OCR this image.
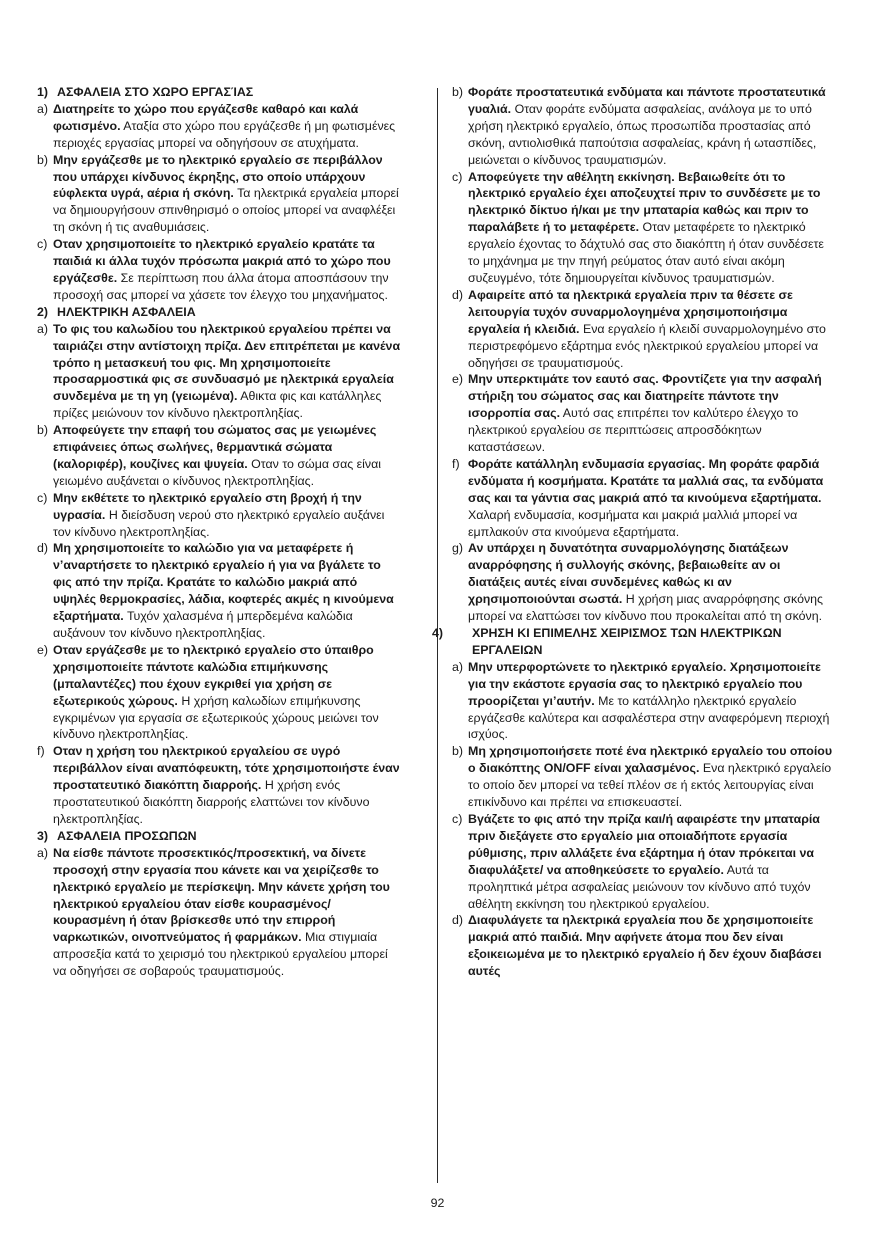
1) ΑΣΦΑΛΕΙΑ ΣΤΟ ΧΩΡΟ ΕΡΓΑΣΊΑΣ
a) Διατηρείτε το χώρο που εργάζεσθε καθαρό και καλά φωτισμένο. Αταξία στο χώρο που εργάζεσθε ή μη φωτισμένες περιοχές εργασίας μπορεί να οδηγήσουν σε ατυχήματα.
b) Μην εργάζεσθε με το ηλεκτρικό εργαλείο σε περιβάλλον που υπάρχει κίνδυνος έκρηξης, στο οποίο υπάρχουν εύφλεκτα υγρά, αέρια ή σκόνη. Τα ηλεκτρικά εργαλεία μπορεί να δημιουργήσουν σπινθηρισμό ο οποίος μπορεί να αναφλέξει τη σκόνη ή τις αναθυμιάσεις.
c) Οταν χρησιμοποιείτε το ηλεκτρικό εργαλείο κρατάτε τα παιδιά κι άλλα τυχόν πρόσωπα μακριά από το χώρο που εργάζεσθε. Σε περίπτωση που άλλα άτομα αποσπάσουν την προσοχή σας μπορεί να χάσετε τον έλεγχο του μηχανήματος.
2) ΗΛΕΚΤΡΙΚΗ ΑΣΦΑΛΕΙΑ
a) Το φις του καλωδίου του ηλεκτρικού εργαλείου πρέπει να ταιριάζει στην αντίστοιχη πρίζα. Δεν επιτρέπεται με κανένα τρόπο η μετασκευή του φις. Μη χρησιμοποιείτε προσαρμοστικά φις σε συνδυασμό με ηλεκτρικά εργαλεία συνδεμένα με τη γη (γειωμένα). Αθικτα φις και κατάλληλες πρίζες μειώνουν τον κίνδυνο ηλεκτροπληξίας.
b) Αποφεύγετε την επαφή του σώματος σας με γειωμένες επιφάνειες όπως σωλήνες, θερμαντικά σώματα (καλοριφέρ), κουζίνες και ψυγεία. Οταν το σώμα σας είναι γειωμένο αυξάνεται ο κίνδυνος ηλεκτροπληξίας.
c) Μην εκθέτετε το ηλεκτρικό εργαλείο στη βροχή ή την υγρασία. Η διείσδυση νερού στο ηλεκτρικό εργαλείο αυξάνει τον κίνδυνο ηλεκτροπληξίας.
d) Μη χρησιμοποιείτε το καλώδιο για να μεταφέρετε ή ν’αναρτήσετε το ηλεκτρικό εργαλείο ή για να βγάλετε το φις από την πρίζα. Κρατάτε το καλώδιο μακριά από υψηλές θερμοκρασίες, λάδια, κοφτερές ακμές η κινούμενα εξαρτήματα. Τυχόν χαλασμένα ή μπερδεμένα καλώδια αυξάνουν τον κίνδυνο ηλεκτροπληξίας.
e) Οταν εργάζεσθε με το ηλεκτρικό εργαλείο στο ύπαιθρο χρησιμοποιείτε πάντοτε καλώδια επιμήκυνσης (μπαλαντέζες) που έχουν εγκριθεί για χρήση σε εξωτερικούς χώρους. Η χρήση καλωδίων επιμήκυνσης εγκριμένων για εργασία σε εξωτερικούς χώρους μειώνει τον κίνδυνο ηλεκτροπληξίας.
f) Οταν η χρήση του ηλεκτρικού εργαλείου σε υγρό περιβάλλον είναι αναπόφευκτη, τότε χρησιμοποιήστε έναν προστατευτικό διακόπτη διαρροής. Η χρήση ενός προστατευτικού διακόπτη διαρροής ελαττώνει τον κίνδυνο ηλεκτροπληξίας.
3) ΑΣΦΑΛΕΙΑ ΠΡΟΣΩΠΩΝ
a) Να είσθε πάντοτε προσεκτικός/προσεκτική, να δίνετε προσοχή στην εργασία που κάνετε και να χειρίζεσθε το ηλεκτρικό εργαλείο με περίσκεψη. Μην κάνετε χρήση του ηλεκτρικού εργαλείου όταν είσθε κουρασμένος/κουρασμένη ή όταν βρίσκεσθε υπό την επιρροή ναρκωτικών, οινοπνεύματος ή φαρμάκων. Μια στιγμιαία απροσεξία κατά το χειρισμό του ηλεκτρικού εργαλείου μπορεί να οδηγήσει σε σοβαρούς τραυματισμούς.
b) Φοράτε προστατευτικά ενδύματα και πάντοτε προστατευτικά γυαλιά. Οταν φοράτε ενδύματα ασφαλείας, ανάλογα με το υπό χρήση ηλεκτρικό εργαλείο, όπως προσωπίδα προστασίας από σκόνη, αντιολισθικά παπούτσια ασφαλείας, κράνη ή ωτασπίδες, μειώνεται ο κίνδυνος τραυματισμών.
c) Αποφεύγετε την αθέλητη εκκίνηση. Βεβαιωθείτε ότι το ηλεκτρικό εργαλείο έχει αποζευχτεί πριν το συνδέσετε με το ηλεκτρικό δίκτυο ή/και με την μπαταρία καθώς και πριν το παραλάβετε ή το μεταφέρετε. Οταν μεταφέρετε το ηλεκτρικό εργαλείο έχοντας το δάχτυλό σας στο διακόπτη ή όταν συνδέσετε το μηχάνημα με την πηγή ρεύματος όταν αυτό είναι ακόμη συζευγμένο, τότε δημιουργείται κίνδυνος τραυματισμών.
d) Αφαιρείτε από τα ηλεκτρικά εργαλεία πριν τα θέσετε σε λειτουργία τυχόν συναρμολογημένα χρησιμοποιήσιμα εργαλεία ή κλειδιά. Ενα εργαλείο ή κλειδί συναρμολογημένο στο περιστρεφόμενο εξάρτημα ενός ηλεκτρικού εργαλείου μπορεί να οδηγήσει σε τραυματισμούς.
e) Μην υπερκτιμάτε τον εαυτό σας. Φροντίζετε για την ασφαλή στήριξη του σώματος σας και διατηρείτε πάντοτε την ισορροπία σας. Αυτό σας επιτρέπει τον καλύτερο έλεγχο το ηλεκτρικού εργαλείου σε περιπτώσεις απροσδόκητων καταστάσεων.
f) Φοράτε κατάλληλη ενδυμασία εργασίας. Μη φοράτε φαρδιά ενδύματα ή κοσμήματα. Κρατάτε τα μαλλιά σας, τα ενδύματα σας και τα γάντια σας μακριά από τα κινούμενα εξαρτήματα. Χαλαρή ενδυμασία, κοσμήματα και μακριά μαλλιά μπορεί να εμπλακούν στα κινούμενα εξαρτήματα.
g) Αν υπάρχει η δυνατότητα συναρμολόγησης διατάξεων αναρρόφησης ή συλλογής σκόνης, βεβαιωθείτε αν οι διατάξεις αυτές είναι συνδεμένες καθώς κι αν χρησιμοποιούνται σωστά. Η χρήση μιας αναρρόφησης σκόνης μπορεί να ελαττώσει τον κίνδυνο που προκαλείται από τη σκόνη.
4) ΧΡΗΣΗ ΚΙ ΕΠΙΜΕΛΗΣ ΧΕΙΡΙΣΜΟΣ ΤΩΝ ΗΛΕΚΤΡΙΚΩΝ ΕΡΓΑΛΕΙΩΝ
a) Μην υπερφορτώνετε το ηλεκτρικό εργαλείο. Χρησιμοποιείτε για την εκάστοτε εργασία σας το ηλεκτρικό εργαλείο που προορίζεται γι’αυτήν. Με το κατάλληλο ηλεκτρικό εργαλείο εργάζεσθε καλύτερα και ασφαλέστερα στην αναφερόμενη περιοχή ισχύος.
b) Μη χρησιμοποιήσετε ποτέ ένα ηλεκτρικό εργαλείο του οποίου ο διακόπτης ON/OFF είναι χαλασμένος. Ενα ηλεκτρικό εργαλείο το οποίο δεν μπορεί να τεθεί πλέον σε ή εκτός λειτουργίας είναι επικίνδυνο και πρέπει να επισκευαστεί.
c) Βγάζετε το φις από την πρίζα και/ή αφαιρέστε την μπαταρία πριν διεξάγετε στο εργαλείο μια οποιαδήποτε εργασία ρύθμισης, πριν αλλάξετε ένα εξάρτημα ή όταν πρόκειται να διαφυλάξετε/ να αποθηκεύσετε το εργαλείο. Αυτά τα προληπτικά μέτρα ασφαλείας μειώνουν τον κίνδυνο από τυχόν αθέλητη εκκίνηση του ηλεκτρικού εργαλείου.
d) Διαφυλάγετε τα ηλεκτρικά εργαλεία που δε χρησιμοποιείτε μακριά από παιδιά. Μην αφήνετε άτομα που δεν είναι εξοικειωμένα με το ηλεκτρικό εργαλείο ή δεν έχουν διαβάσει αυτές
92
